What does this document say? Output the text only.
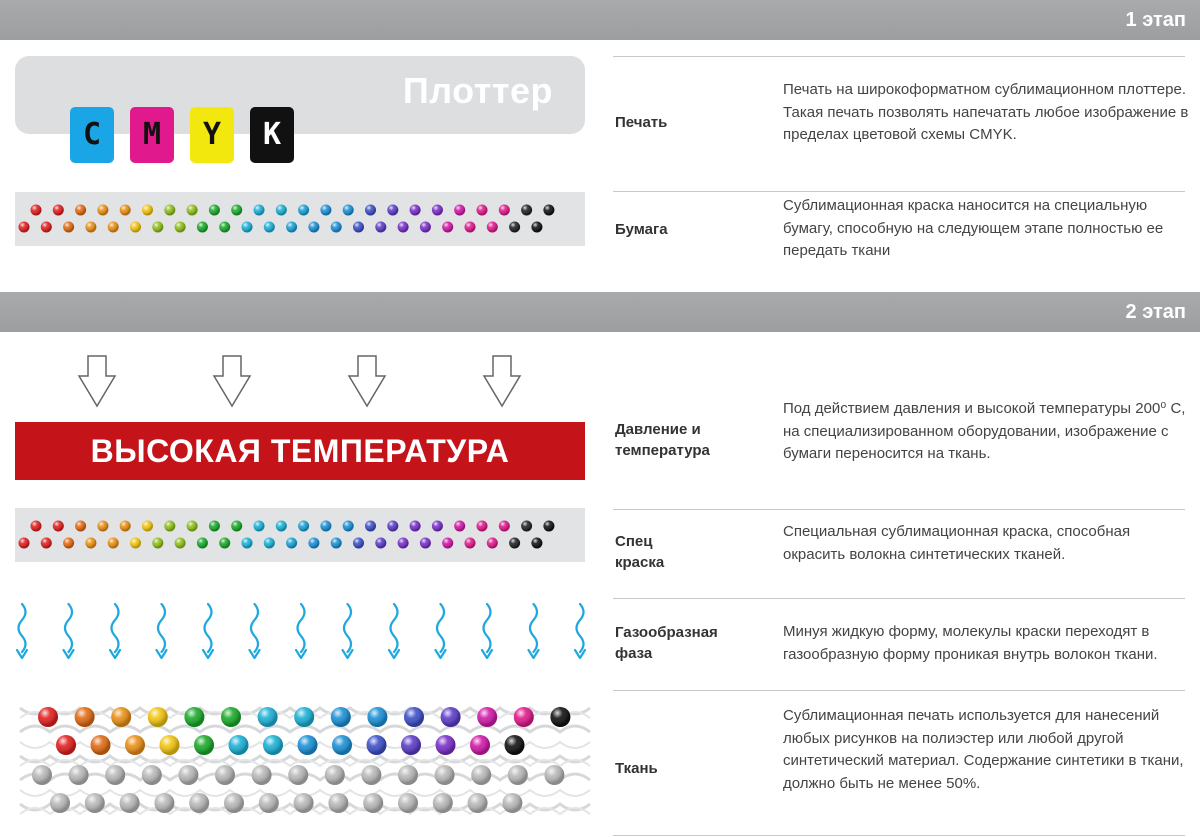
1 этап
Плоттер
C	M	Y	K	Печать
Печать на широкоформатном сублимационном плоттере. Такая печать позволять напечатать любое изображение в пределах цветовой схемы CMYK.
Бумага
Сублимационная краска наносится на специальную бумагу, способную на следующем этапе полностью ее передать ткани
2 этап
ВЫСОКАЯ ТЕМПЕРАТУРА
Давление и температура
Под действием давления и высокой температуры 200⁰ С, на специализированном оборудовании, изображение с бумаги переносится на ткань.
Спец краска
Специальная сублимационная краска, способная окрасить волокна синтетических тканей.
Газообразная фаза
Минуя жидкую форму, молекулы краски переходят в газообразную форму проникая внутрь волокон ткани.
Ткань
Сублимационная печать используется для нанесений любых рисунков на полиэстер или любой другой синтетический материал. Содержание синтетики в ткани, должно быть не менее 50%.
